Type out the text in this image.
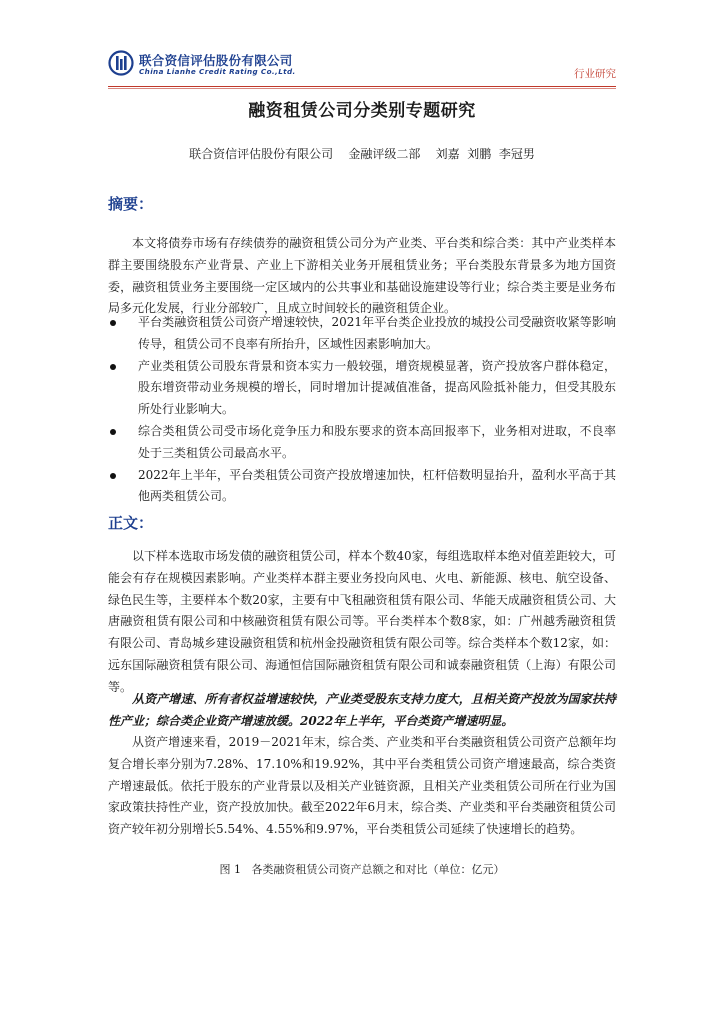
联合资信评估股份有限公司
China Lianhe Credit Rating Co.,Ltd.	行业研究
融资租赁公司分类别专题研究
联合资信评估股份有限公司    金融评级二部    刘嘉  刘鹏  李冠男
摘要：

本文将债券市场有存续债券的融资租赁公司分为产业类、平台类和综合类：其中产业类样本群主要围绕股东产业背景、产业上下游相关业务开展租赁业务；平台类股东背景多为地方国资委，融资租赁业务主要围绕一定区域内的公共事业和基础设施建设等行业；综合类主要是业务布局多元化发展，行业分部较广，且成立时间较长的融资租赁企业。

平台类融资租赁公司资产增速较快，2021年平台类企业投放的城投公司受融资收紧等影响传导，租赁公司不良率有所抬升，区域性因素影响加大。
产业类租赁公司股东背景和资本实力一般较强，增资规模显著，资产投放客户群体稳定，股东增资带动业务规模的增长，同时增加计提减值准备，提高风险抵补能力，但受其股东所处行业影响大。
综合类租赁公司受市场化竞争压力和股东要求的资本高回报率下，业务相对进取，不良率处于三类租赁公司最高水平。
2022年上半年，平台类租赁公司资产投放增速加快，杠杆倍数明显抬升，盈利水平高于其他两类租赁公司。
正文：

以下样本选取市场发债的融资租赁公司，样本个数40家，每组选取样本绝对值差距较大，可能会有存在规模因素影响。产业类样本群主要业务投向风电、火电、新能源、核电、航空设备、绿色民生等，主要样本个数20家，主要有中飞租融资租赁有限公司、华能天成融资租赁公司、大唐融资租赁有限公司和中核融资租赁有限公司等。平台类样本个数8家，如：广州越秀融资租赁有限公司、青岛城乡建设融资租赁和杭州金投融资租赁有限公司等。综合类样本个数12家，如：远东国际融资租赁有限公司、海通恒信国际融资租赁有限公司和诚泰融资租赁（上海）有限公司等。

从资产增速、所有者权益增速较快，产业类受股东支持力度大，且相关资产投放为国家扶持性产业；综合类企业资产增速放缓。2022年上半年，平台类资产增速明显。

从资产增速来看，2019－2021年末，综合类、产业类和平台类融资租赁公司资产总额年均复合增长率分别为7.28%、17.10%和19.92%，其中平台类租赁公司资产增速最高，综合类资产增速最低。依托于股东的产业背景以及相关产业链资源，且相关产业类租赁公司所在行业为国家政策扶持性产业，资产投放加快。截至2022年6月末，综合类、产业类和平台类融资租赁公司资产较年初分别增长5.54%、4.55%和9.97%，平台类租赁公司延续了快速增长的趋势。

图 1   各类融资租赁公司资产总额之和对比（单位：亿元）
